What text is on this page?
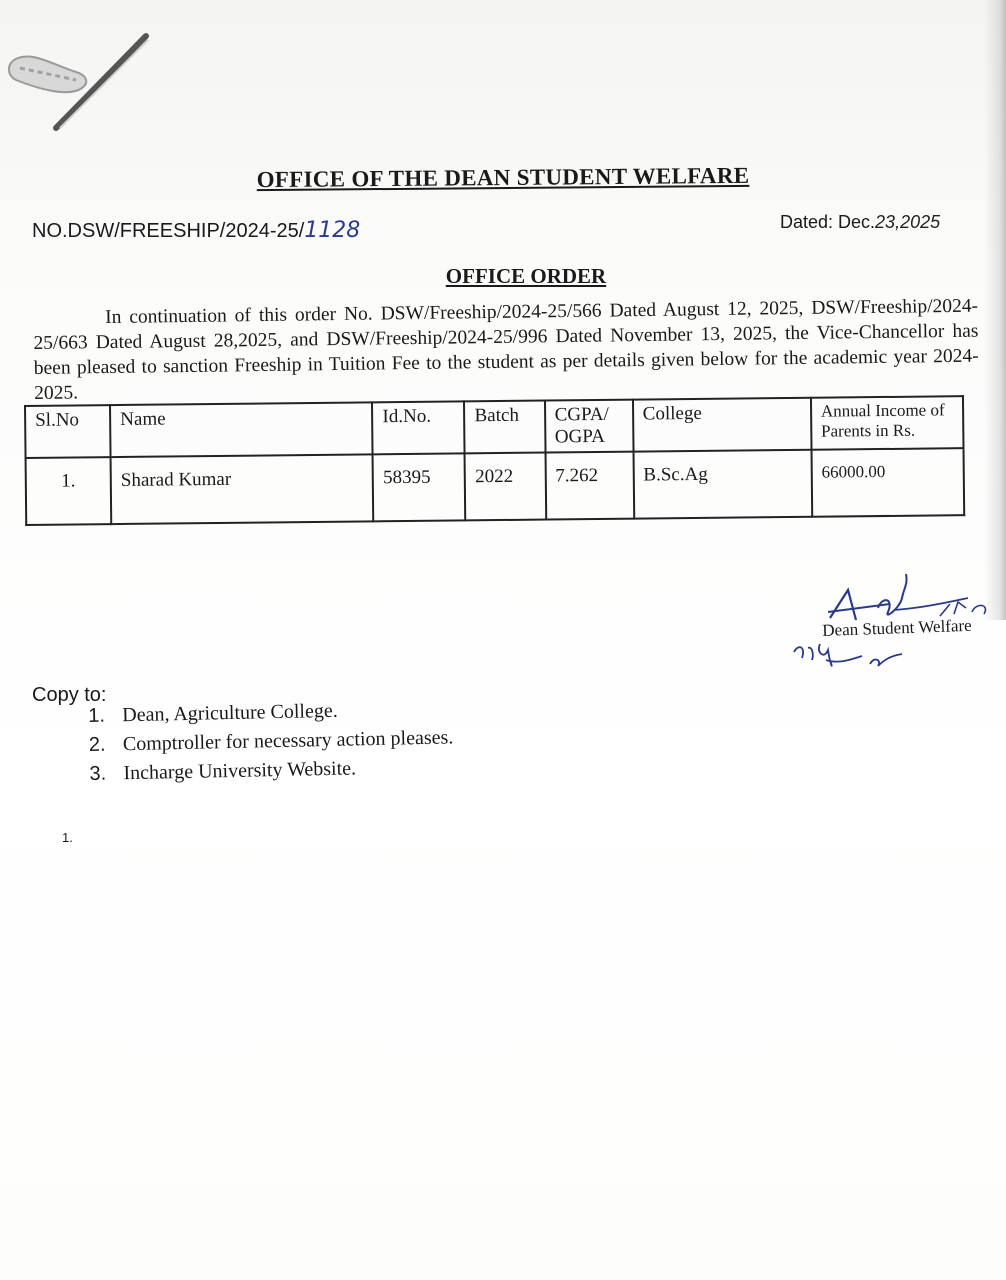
OFFICE OF THE DEAN STUDENT WELFARE
NO.DSW/FREESHIP/2024-25/1128	Dated: Dec.23,2025
OFFICE ORDER

In continuation of this order No. DSW/Freeship/2024-25/566 Dated August 12, 2025, DSW/Freeship/2024-25/663 Dated August 28,2025, and DSW/Freeship/2024-25/996 Dated November 13, 2025, the Vice-Chancellor has been pleased to sanction Freeship in Tuition Fee to the student as per details given below for the academic year 2024-2025.

Sl.No	Name	Id.No.	Batch	CGPA/ OGPA	College	Annual Income of Parents in Rs.
1.	Sharad Kumar	58395	2022	7.262	B.Sc.Ag	66000.00
Dean Student Welfare
Copy to:
1. Dean, Agriculture College.
2. Comptroller for necessary action pleases.
3. Incharge University Website.
1.
